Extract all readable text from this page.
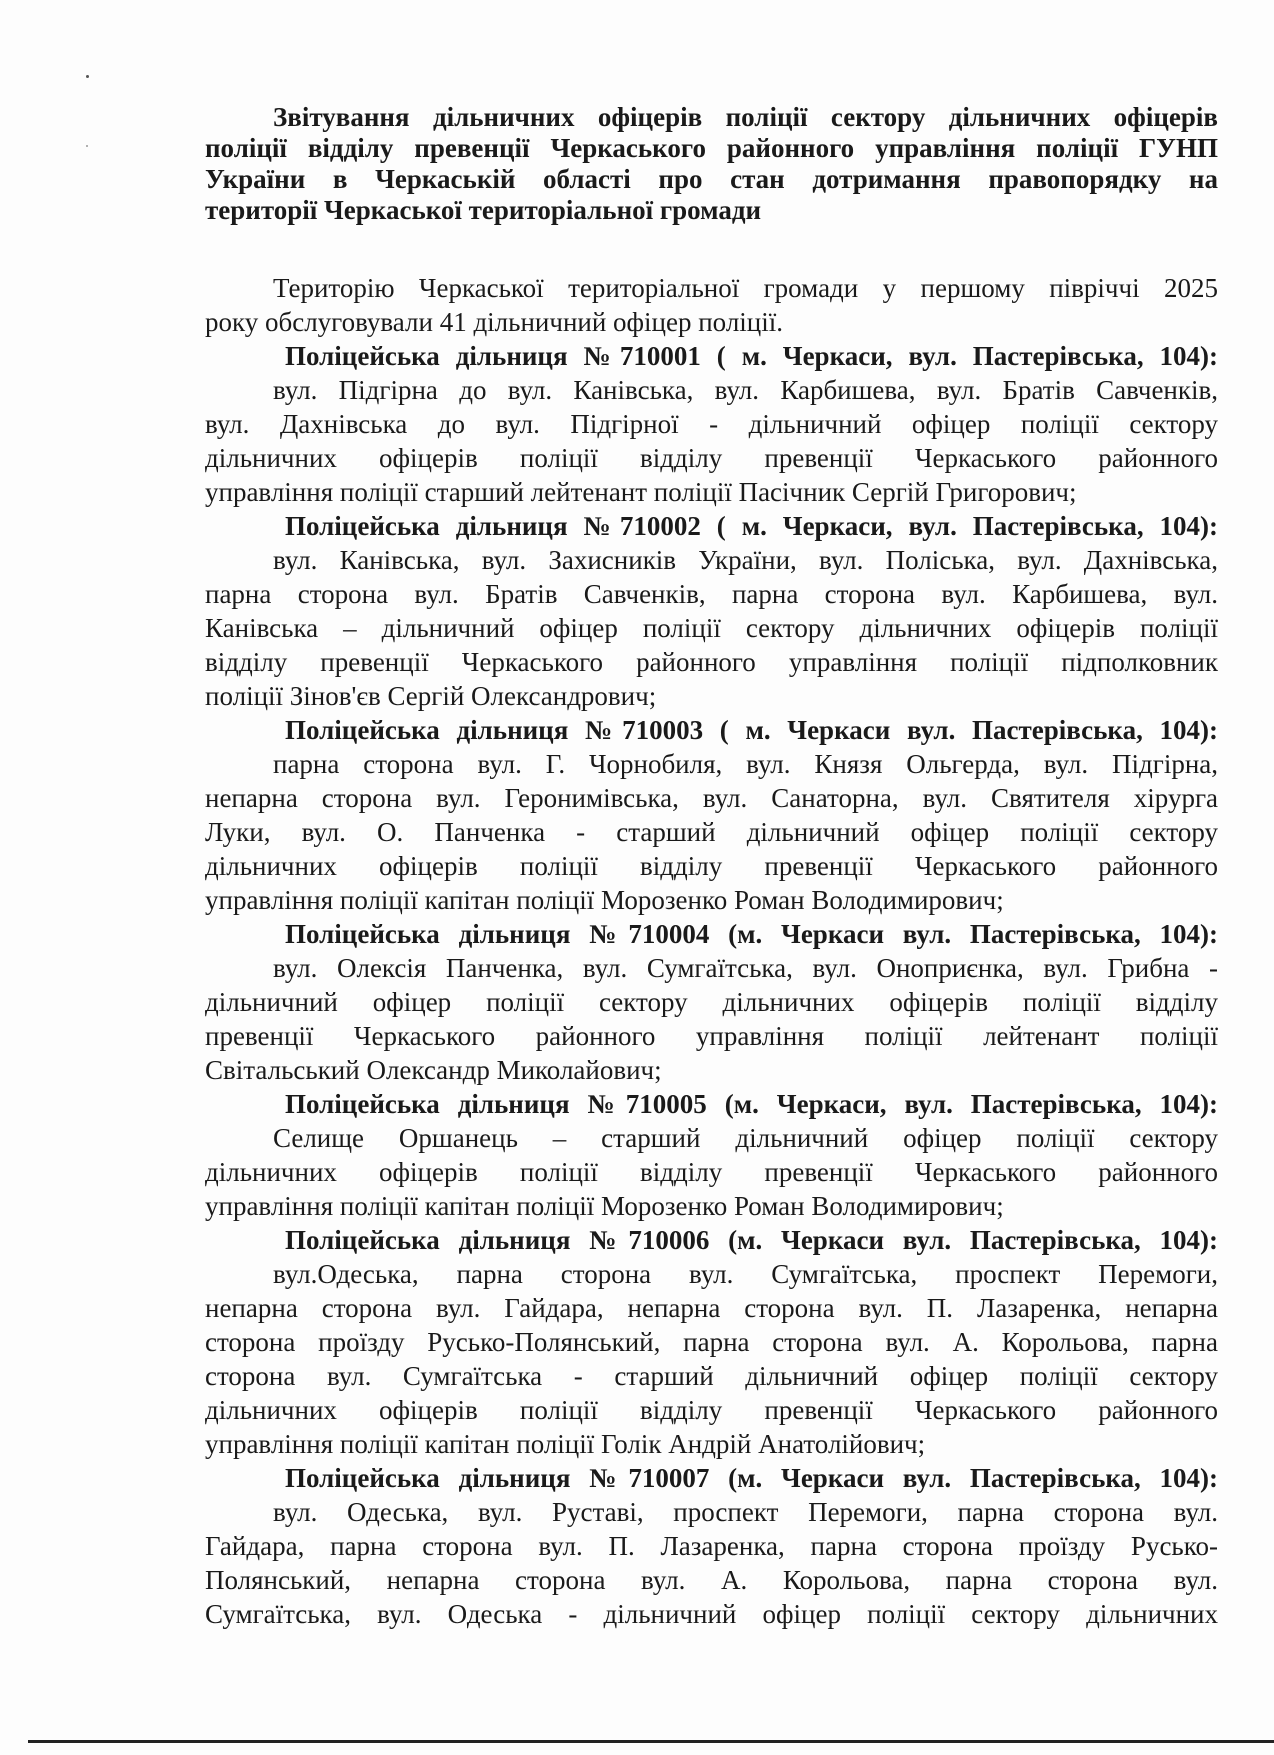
Звітування дільничних офіцерів поліції сектору дільничних офіцерів
поліції відділу превенції Черкаського районного управління поліції ГУНП
України в Черкаській області про стан дотримання правопорядку на
території Черкаської територіальної громади
Територію Черкаської територіальної громади у першому півріччі 2025
року обслуговували 41 дільничний офіцер поліції.
Поліцейська дільниця №710001 ( м. Черкаси, вул. Пастерівська, 104):
вул. Підгірна до вул. Канівська, вул. Карбишева, вул. Братів Савченків,
вул. Дахнівська до вул. Підгірної - дільничний офіцер поліції сектору
дільничних офіцерів поліції відділу превенції Черкаського районного
управління поліції старший лейтенант поліції Пасічник Сергій Григорович;
Поліцейська дільниця №710002 ( м. Черкаси, вул. Пастерівська, 104):
вул. Канівська, вул. Захисників України, вул. Поліська, вул. Дахнівська,
парна сторона вул. Братів Савченків, парна сторона вул. Карбишева, вул.
Канівська – дільничний офіцер поліції сектору дільничних офіцерів поліції
відділу превенції Черкаського районного управління поліції підполковник
поліції Зінов'єв Сергій Олександрович;
Поліцейська дільниця №710003 ( м. Черкаси вул. Пастерівська, 104):
парна сторона вул. Г. Чорнобиля, вул. Князя Ольгерда, вул. Підгірна,
непарна сторона вул. Геронимівська, вул. Санаторна, вул. Святителя хірурга
Луки, вул. О. Панченка - старший дільничний офіцер поліції сектору
дільничних офіцерів поліції відділу превенції Черкаського районного
управління поліції капітан поліції Морозенко Роман Володимирович;
Поліцейська дільниця №710004 (м. Черкаси вул. Пастерівська, 104):
вул. Олексія Панченка, вул. Сумгаїтська, вул. Оноприєнка, вул. Грибна -
дільничний офіцер поліції сектору дільничних офіцерів поліції відділу
превенції Черкаського районного управління поліції лейтенант поліції
Світальський Олександр Миколайович;
Поліцейська дільниця №710005 (м. Черкаси, вул. Пастерівська, 104):
Селище Оршанець – старший дільничний офіцер поліції сектору
дільничних офіцерів поліції відділу превенції Черкаського районного
управління поліції капітан поліції Морозенко Роман Володимирович;
Поліцейська дільниця №710006 (м. Черкаси вул. Пастерівська, 104):
вул.Одеська, парна сторона вул. Сумгаїтська, проспект Перемоги,
непарна сторона вул. Гайдара, непарна сторона вул. П. Лазаренка, непарна
сторона проїзду Русько-Полянський, парна сторона вул. А. Корольова, парна
сторона вул. Сумгаїтська - старший дільничний офіцер поліції сектору
дільничних офіцерів поліції відділу превенції Черкаського районного
управління поліції капітан поліції Голік Андрій Анатолійович;
Поліцейська дільниця №710007 (м. Черкаси вул. Пастерівська, 104):
вул. Одеська, вул. Руставі, проспект Перемоги, парна сторона вул.
Гайдара, парна сторона вул. П. Лазаренка, парна сторона проїзду Русько-
Полянський, непарна сторона вул. А. Корольова, парна сторона вул.
Сумгаїтська, вул. Одеська - дільничний офіцер поліції сектору дільничних
